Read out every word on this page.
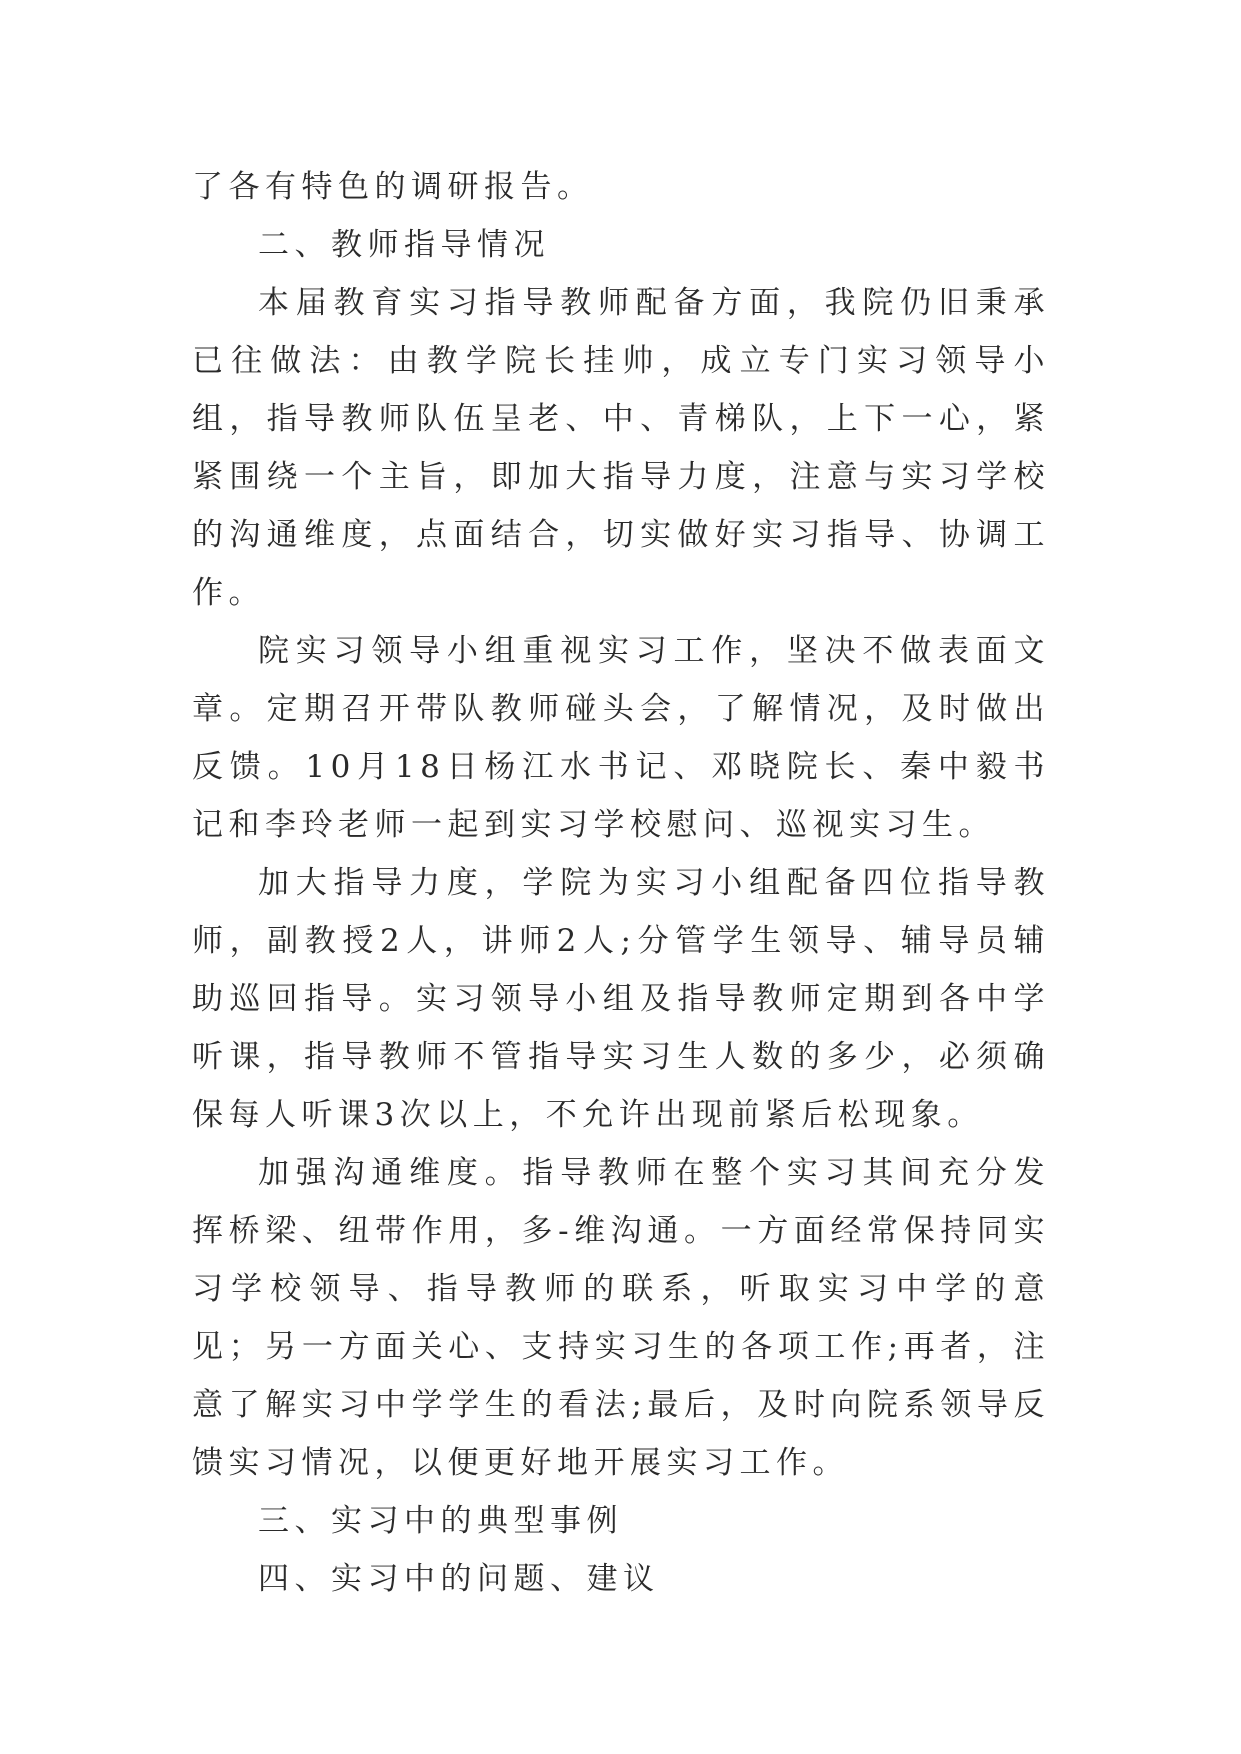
了各有特色的调研报告。

二、教师指导情况

本届教育实习指导教师配备方面，我院仍旧秉承已往做法：由教学院长挂帅，成立专门实习领导小组，指导教师队伍呈老、中、青梯队，上下一心，紧紧围绕一个主旨，即加大指导力度，注意与实习学校的沟通维度，点面结合，切实做好实习指导、协调工作。

院实习领导小组重视实习工作，坚决不做表面文章。定期召开带队教师碰头会，了解情况，及时做出反馈。10月18日杨江水书记、邓晓院长、秦中毅书记和李玲老师一起到实习学校慰问、巡视实习生。

加大指导力度，学院为实习小组配备四位指导教师，副教授2人，讲师2人;分管学生领导、辅导员辅助巡回指导。实习领导小组及指导教师定期到各中学听课，指导教师不管指导实习生人数的多少，必须确保每人听课3次以上，不允许出现前紧后松现象。

加强沟通维度。指导教师在整个实习其间充分发挥桥梁、纽带作用，多-维沟通。一方面经常保持同实习学校领导、指导教师的联系，听取实习中学的意见；另一方面关心、支持实习生的各项工作;再者，注意了解实习中学学生的看法;最后，及时向院系领导反馈实习情况，以便更好地开展实习工作。

三、实习中的典型事例

四、实习中的问题、建议
